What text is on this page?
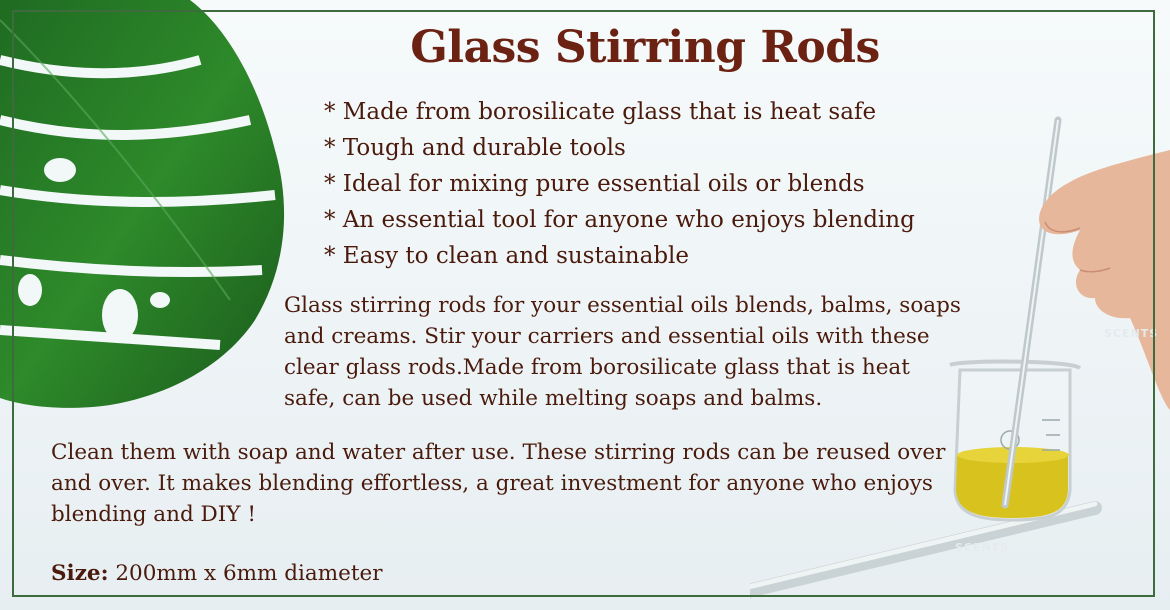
SCENTS
SCENTS
Glass Stirring Rods
* Made from borosilicate glass that is heat safe
* Tough and durable tools
* Ideal for mixing pure essential oils or blends
* An essential tool for anyone who enjoys blending
* Easy to clean and sustainable

Glass stirring rods for your essential oils blends, balms, soaps and creams. Stir your carriers and essential oils with these clear glass rods.Made from borosilicate glass that is heat safe, can be used while melting soaps and balms.

Clean them with soap and water after use. These stirring rods can be reused over and over. It makes blending effortless, a great investment for anyone who enjoys blending and DIY !

Size: 200mm x 6mm diameter
